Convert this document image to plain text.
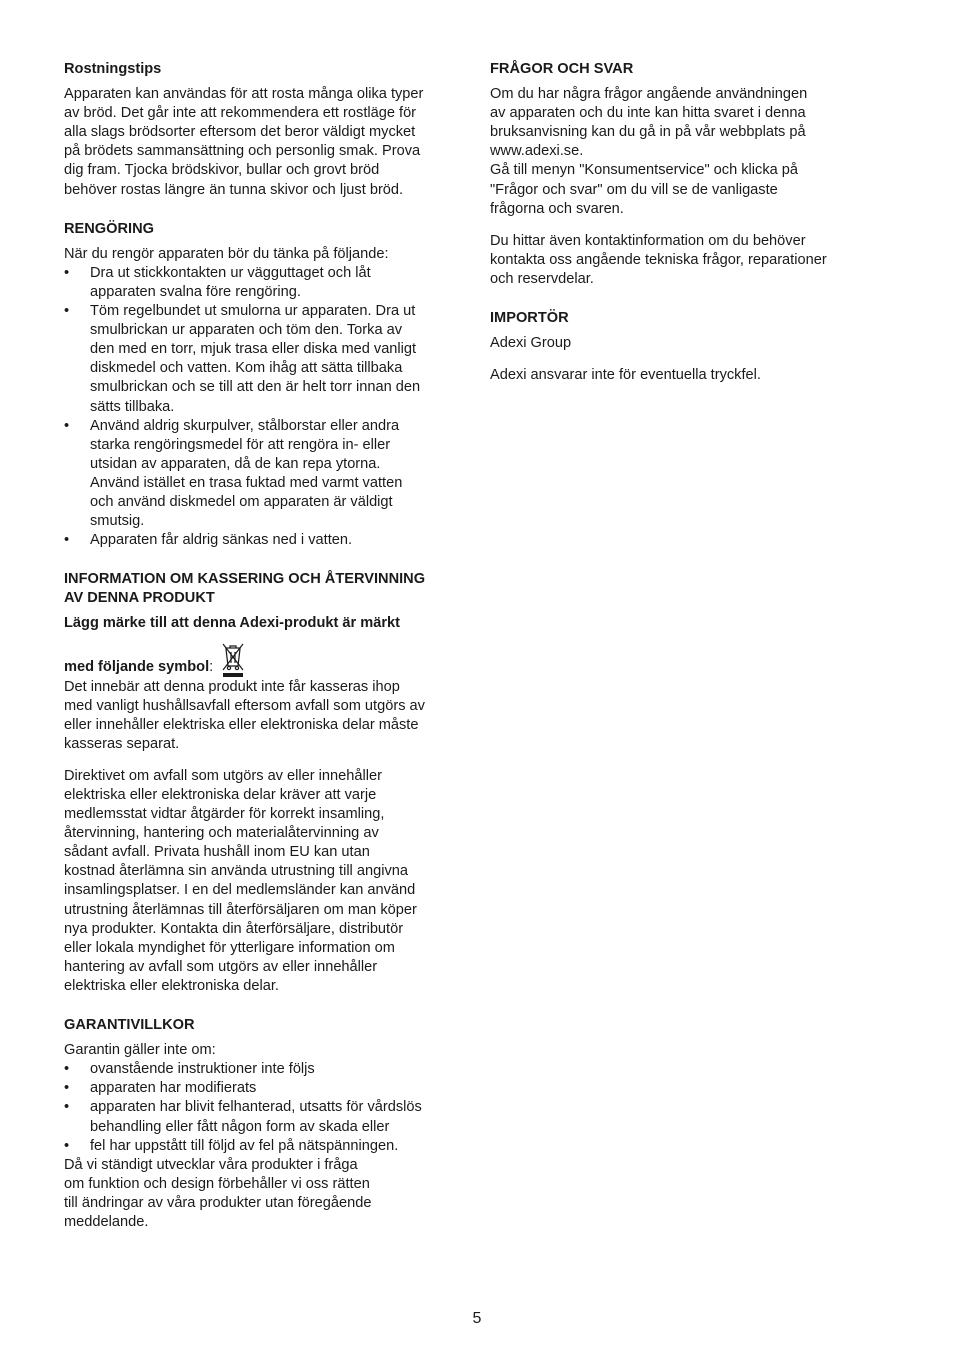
Rostningstips

Apparaten kan användas för att rosta många olika typer
av bröd. Det går inte att rekommendera ett rostläge för
alla slags brödsorter eftersom det beror väldigt mycket
på brödets sammansättning och personlig smak. Prova
dig fram. Tjocka brödskivor, bullar och grovt bröd
behöver rostas längre än tunna skivor och ljust bröd.

RENGÖRING

När du rengör apparaten bör du tänka på följande:

• Dra ut stickkontakten ur vägguttaget och låt
apparaten svalna före rengöring.
• Töm regelbundet ut smulorna ur apparaten. Dra ut
smulbrickan ur apparaten och töm den. Torka av
den med en torr, mjuk trasa eller diska med vanligt
diskmedel och vatten. Kom ihåg att sätta tillbaka
smulbrickan och se till att den är helt torr innan den
sätts tillbaka.
• Använd aldrig skurpulver, stålborstar eller andra
starka rengöringsmedel för att rengöra in- eller
utsidan av apparaten, då de kan repa ytorna.
Använd istället en trasa fuktad med varmt vatten
och använd diskmedel om apparaten är väldigt
smutsig.
• Apparaten får aldrig sänkas ned i vatten.
INFORMATION OM KASSERING OCH ÅTERVINNING
AV DENNA PRODUKT
Lägg märke till att denna Adexi-produkt är märkt
med följande symbol :

Det innebär att denna produkt inte får kasseras ihop
med vanligt hushållsavfall eftersom avfall som utgörs av
eller innehåller elektriska eller elektroniska delar måste
kasseras separat.

Direktivet om avfall som utgörs av eller innehåller
elektriska eller elektroniska delar kräver att varje
medlemsstat vidtar åtgärder för korrekt insamling,
återvinning, hantering och materialåtervinning av
sådant avfall. Privata hushåll inom EU kan utan
kostnad återlämna sin använda utrustning till angivna
insamlingsplatser. I en del medlemsländer kan använd
utrustning återlämnas till återförsäljaren om man köper
nya produkter. Kontakta din återförsäljare, distributör
eller lokala myndighet för ytterligare information om
hantering av avfall som utgörs av eller innehåller
elektriska eller elektroniska delar.

GARANTIVILLKOR

Garantin gäller inte om:

• ovanstående instruktioner inte följs
• apparaten har modifierats
• apparaten har blivit felhanterad, utsatts för vårdslös
behandling eller fått någon form av skada eller
• fel har uppstått till följd av fel på nätspänningen.

Då vi ständigt utvecklar våra produkter i fråga
om funktion och design förbehåller vi oss rätten
till ändringar av våra produkter utan föregående
meddelande.

FRÅGOR OCH SVAR

Om du har några frågor angående användningen
av apparaten och du inte kan hitta svaret i denna
bruksanvisning kan du gå in på vår webbplats på
www.adexi.se.
Gå till menyn "Konsumentservice" och klicka på
"Frågor och svar" om du vill se de vanligaste
frågorna och svaren.

Du hittar även kontaktinformation om du behöver
kontakta oss angående tekniska frågor, reparationer
och reservdelar.

IMPORTÖR

Adexi Group

Adexi ansvarar inte för eventuella tryckfel.

5
